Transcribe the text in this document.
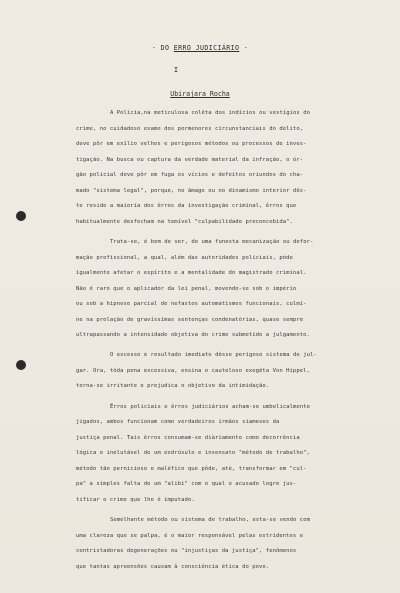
- DO ERRO JUDICIÁRIO -
I
Ubirajara Rocha
A Polícia,na meticulosa colêta dos indícios ou vestígios do
crime, no cuidadoso exame dos pormenores circunstanciais do delito,
deve pôr em exílio velhos e perigosos métodos ou processos de inves-
tigação. Na busca ou captura da verdade material da infração, o ór-
gão policial deve pôr em fuga os vícios e defeitos oriundos do cha-
mado "sistema legal", porque, no âmago ou no dinamismo interior dês-
te reside a maioria dos êrros da investigação criminal, êrros que
habitualmente desfecham na temível "culpabilidade preconcebida".
Trata-se, é bem de ver, de uma funesta mecanização ou defor-
mação profissional, a qual, além das autoridades policiais, póde
igualmente afetar o espírito e a mentalidade do magistrado criminal.
Não é raro que o aplicador da lei penal, movendo-se sob o império
ou sob a hipnose parcial de nefastos automatismos funcionais, culmi-
ne na prolação de gravíssimas sentenças condenatórias, quase sempre
ultrapassando a intensidade objetiva do crime submetido a julgamento.
O excesso é resultado imediato dêsse perigoso sistema de jul-
gar. Ora, tôda pena excessiva, ensina o cauteloso exegêta Von Hippel,
torna-se irritante e prejudica o objetivo da intimidação.
Êrros policiais e êrros judiciários acham-se umbelicalmente
jigados, ambos funcionam como verdadeiros irmãos siameses da
justiça penal. Tais êrros consumam-se diàriamente como decorrência
lógica e inelutável de um exdrúxulo e insensato "método de trabalho",
método tão pernicioso e maléfico que pôde, até, transformar em "cul-
pa" a simples falta de um "alibi" com o qual o acusado logre jus-
tificar o crime que lhe é imputado.
Semelhante método ou sistema de trabalho, esta-se vendo com
uma clareza que se palpa, é o maior responsável pelas estridentes e
contristadoras degenerações ou "injustiças da justiça", fenômenos
que tantas apreensões causam à consciência ética do povo.
